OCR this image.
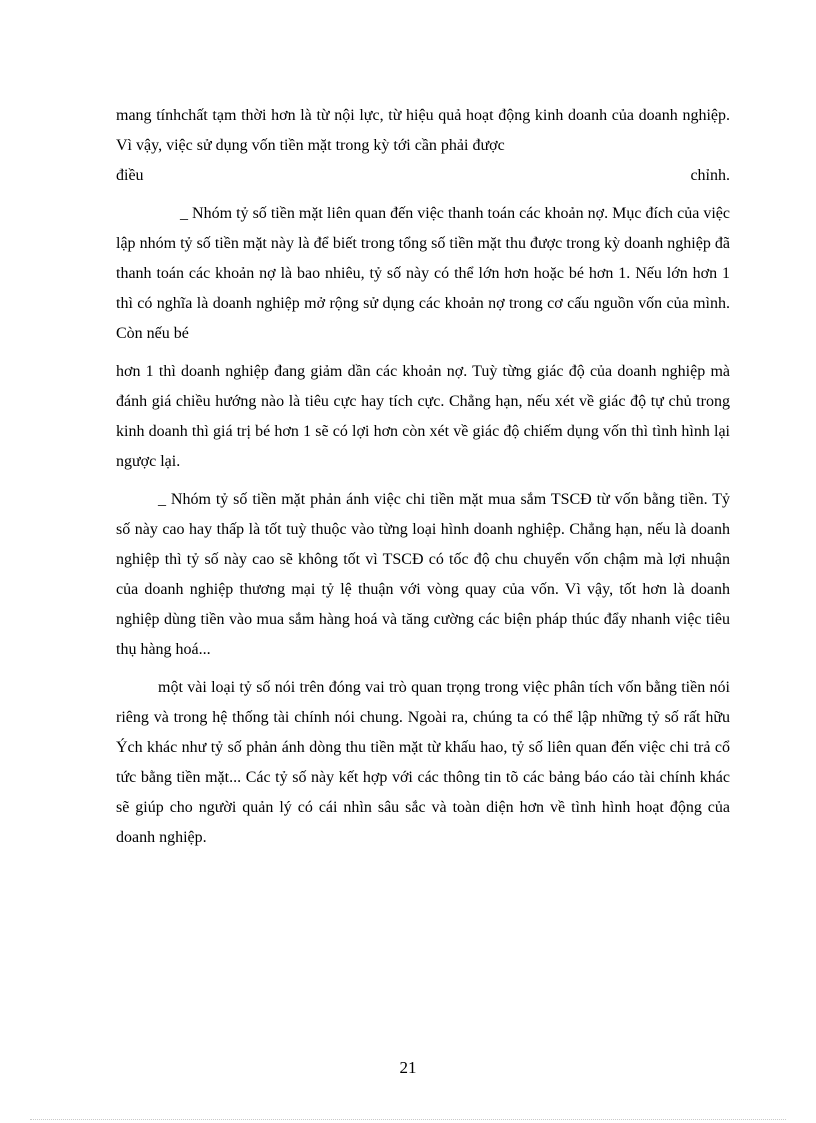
mang tínhchất tạm thời hơn là từ nội lực, từ hiệu quả hoạt động kinh doanh của doanh nghiệp. Vì vậy, việc sử dụng vốn tiền mặt trong kỳ tới cần phải được

điều chỉnh.

_ Nhóm tỷ số tiền mặt liên quan đến việc thanh toán các khoản nợ. Mục đích của việc lập nhóm tỷ số tiền mặt này là để biết trong tổng số tiền mặt thu được trong kỳ doanh nghiệp đã thanh toán các khoản nợ là bao nhiêu, tỷ số này có thể lớn hơn hoặc bé hơn 1. Nếu lớn hơn 1 thì có nghĩa là doanh nghiệp mở rộng sử dụng các khoản nợ trong cơ cấu nguồn vốn của mình. Còn nếu bé

hơn 1 thì doanh nghiệp đang giảm dần các khoản nợ. Tuỳ từng giác độ của doanh nghiệp mà đánh giá chiều hướng nào là tiêu cực hay tích cực. Chẳng hạn, nếu xét về giác độ tự chủ trong kinh doanh thì giá trị bé hơn 1 sẽ có lợi hơn còn xét về giác độ chiếm dụng vốn thì tình hình lại ngược lại.

_ Nhóm tỷ số tiền mặt phản ánh việc chi tiền mặt mua sắm TSCĐ từ vốn bằng tiền. Tỷ số này cao hay thấp là tốt tuỳ thuộc vào từng loại hình doanh nghiệp. Chẳng hạn, nếu là doanh nghiệp thì tỷ số này cao sẽ không tốt vì TSCĐ có tốc độ chu chuyển vốn chậm mà lợi nhuận của doanh nghiệp thương mại tỷ lệ thuận với vòng quay của vốn. Vì vậy, tốt hơn là doanh nghiệp dùng tiền vào mua sắm hàng hoá và tăng cường các biện pháp thúc đẩy nhanh việc tiêu thụ hàng hoá...

một vài loại tỷ số nói trên đóng vai trò quan trọng trong việc phân tích vốn bằng tiền nói riêng và trong hệ thống tài chính nói chung. Ngoài ra, chúng ta có thể lập những tỷ số rất hữu Ých khác như tỷ số phản ánh dòng thu tiền mặt từ khấu hao, tỷ số liên quan đến việc chi trả cổ tức bằng tiền mặt... Các tỷ số này kết hợp với các thông tin tõ các bảng báo cáo tài chính khác sẽ giúp cho người quản lý có cái nhìn sâu sắc và toàn diện hơn về tình hình hoạt động của doanh nghiệp.

21
